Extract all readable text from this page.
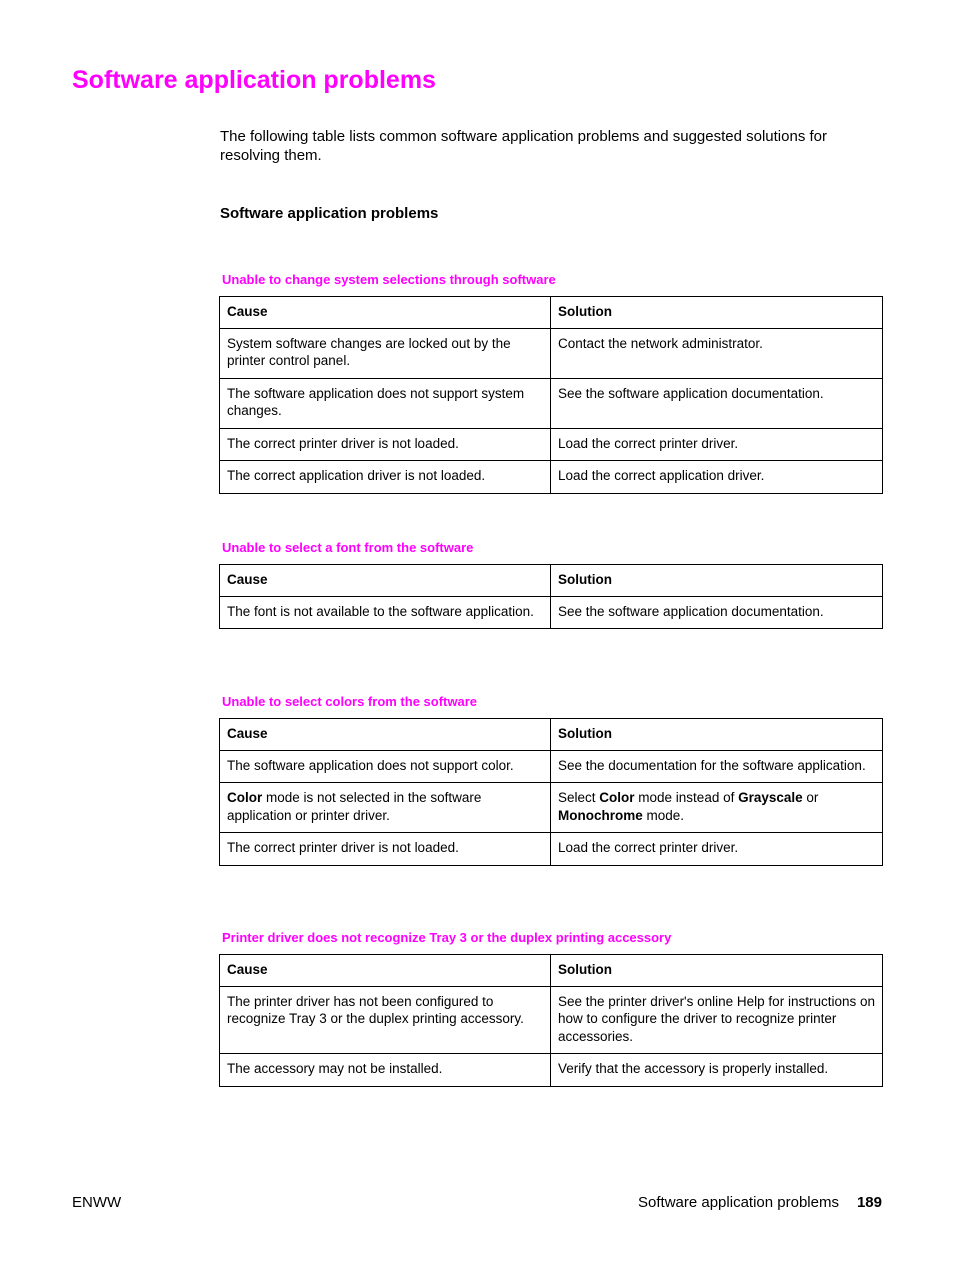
Software application problems

The following table lists common software application problems and suggested solutions for resolving them.

Software application problems

Unable to change system selections through software

Cause	Solution
System software changes are locked out by the printer control panel.	Contact the network administrator.
The software application does not support system changes.	See the software application documentation.
The correct printer driver is not loaded.	Load the correct printer driver.
The correct application driver is not loaded.	Load the correct application driver.

Unable to select a font from the software

Cause	Solution
The font is not available to the software application.	See the software application documentation.

Unable to select colors from the software

Cause	Solution
The software application does not support color.	See the documentation for the software application.
Color mode is not selected in the software application or printer driver.	Select Color mode instead of Grayscale or Monochrome mode.
The correct printer driver is not loaded.	Load the correct printer driver.

Printer driver does not recognize Tray 3 or the duplex printing accessory

Cause	Solution
The printer driver has not been configured to recognize Tray 3 or the duplex printing accessory.	See the printer driver's online Help for instructions on how to configure the driver to recognize printer accessories.
The accessory may not be installed.	Verify that the accessory is properly installed.

ENWW	Software application problems 189
